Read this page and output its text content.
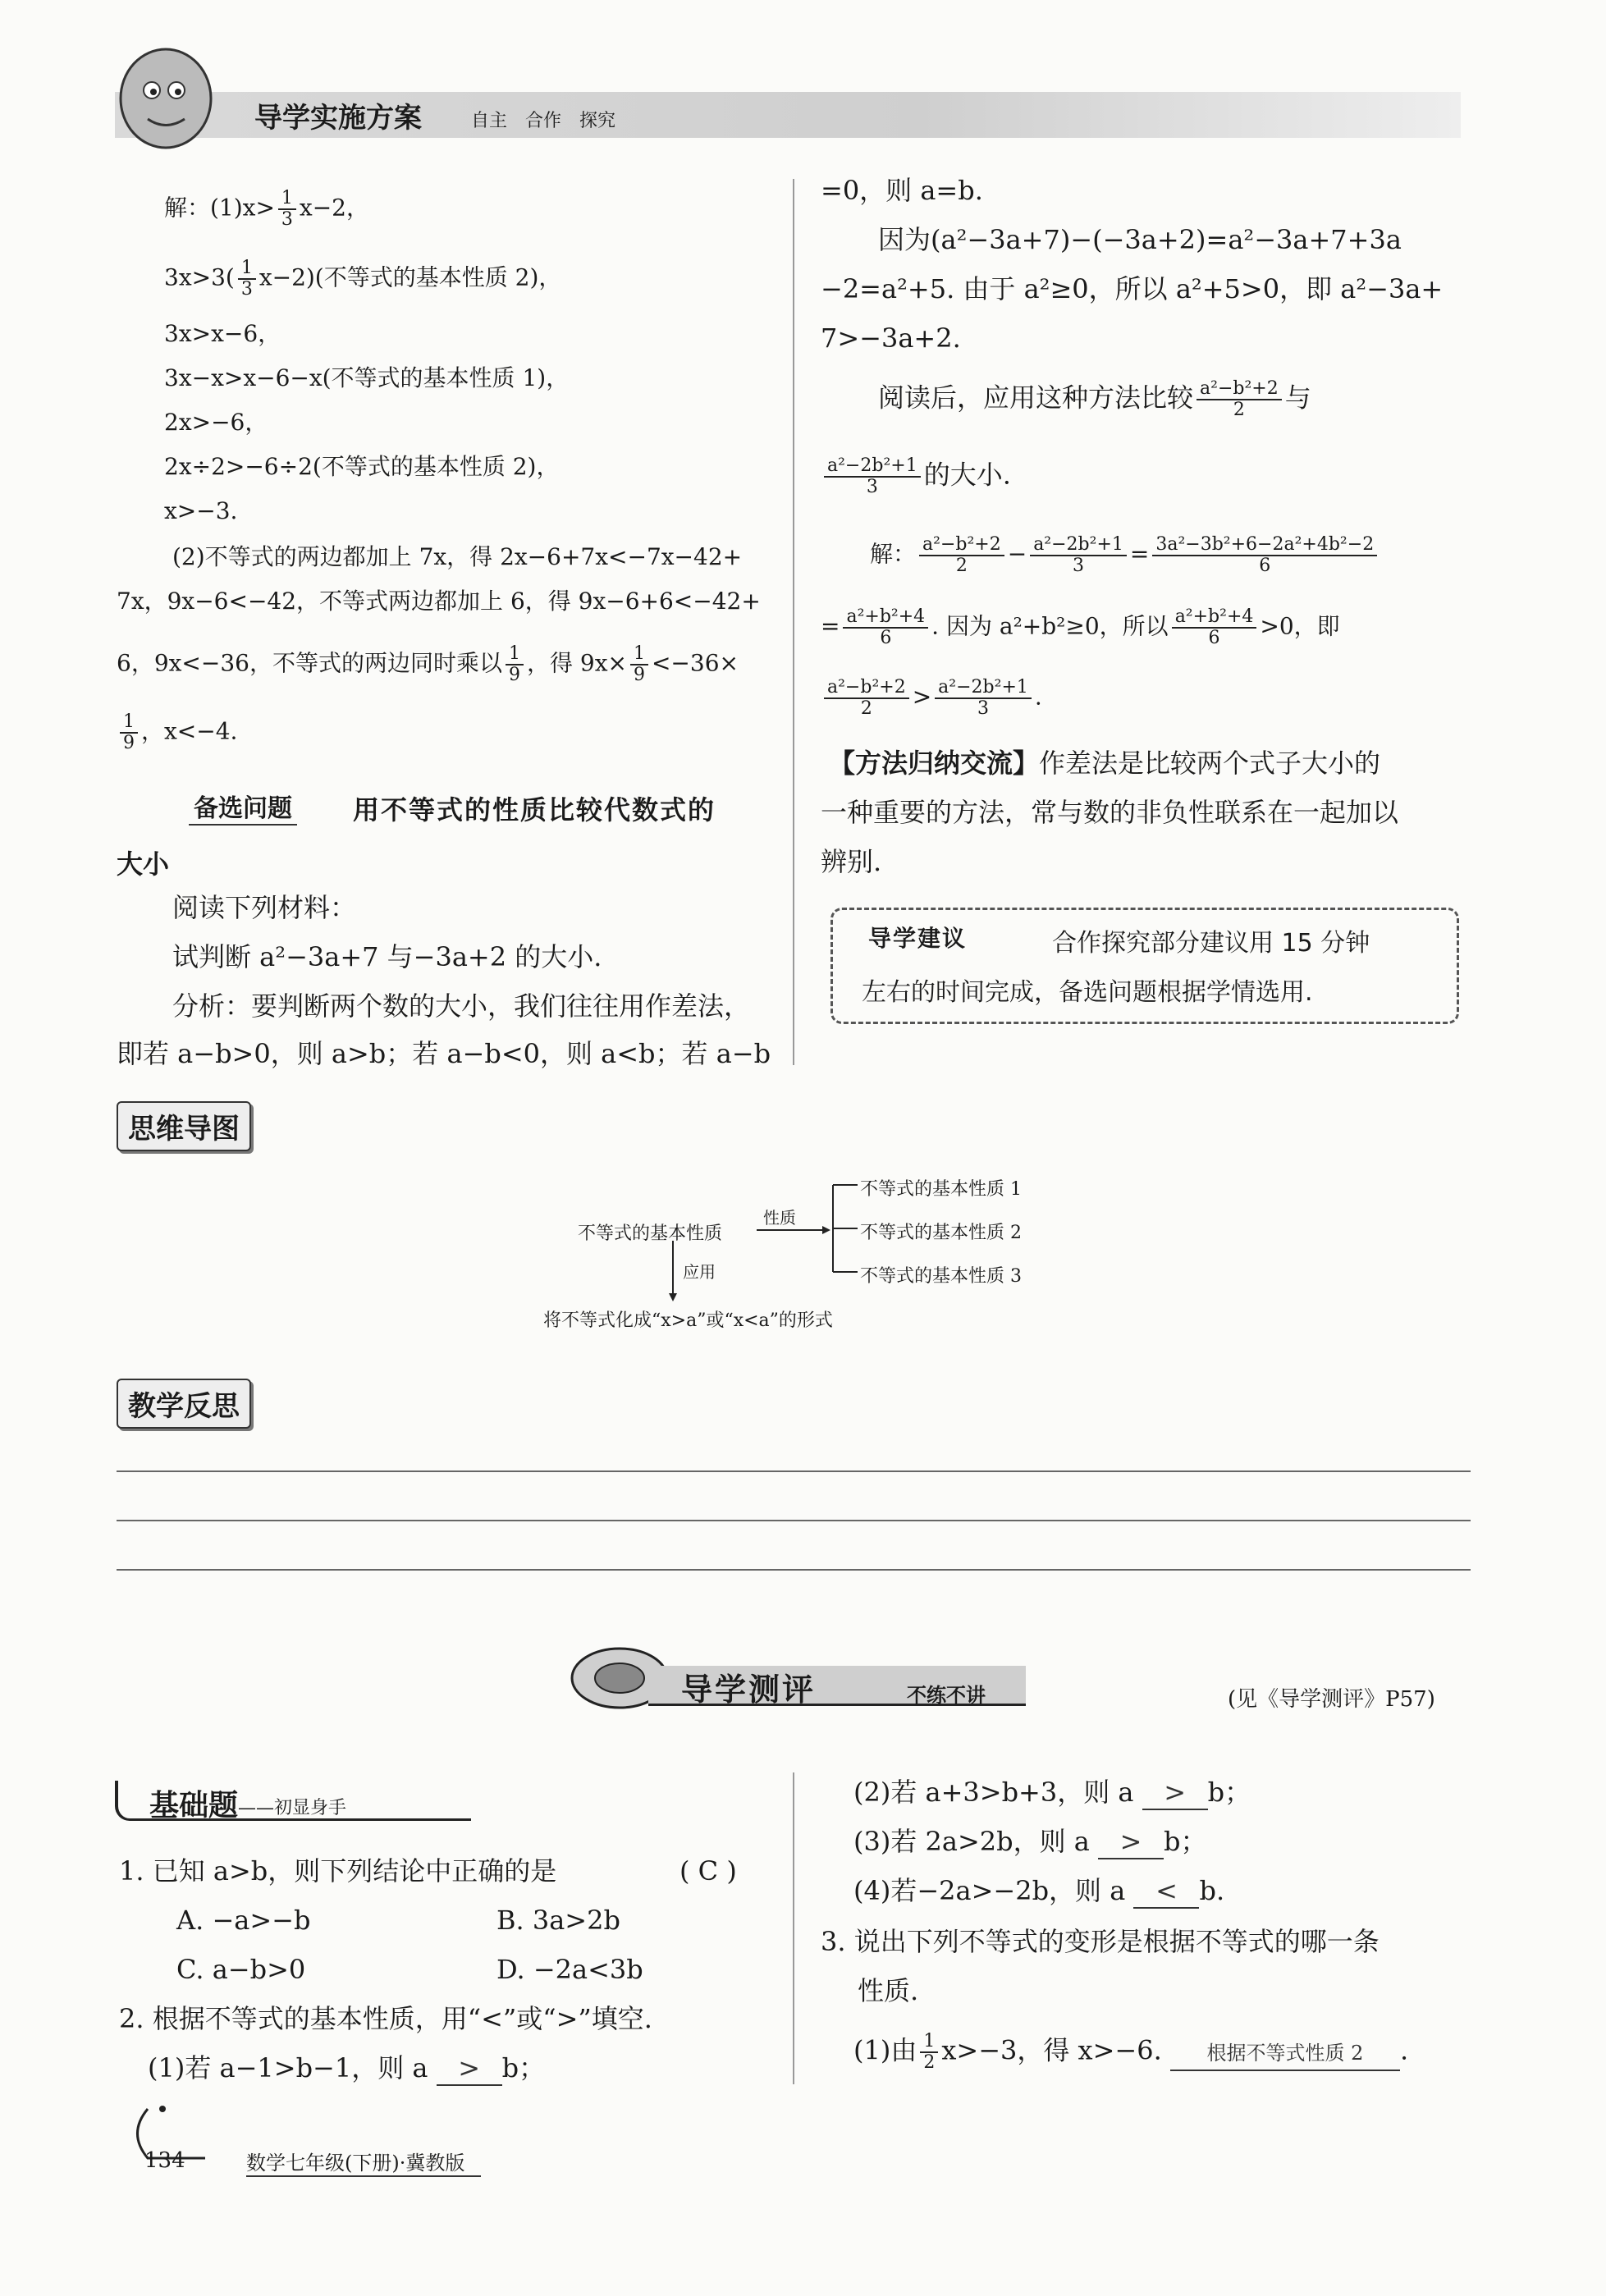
导学实施方案	自主　合作　探究
解：$(1)x> \frac{1}{3} x-2$，
$3x>3( \frac{1}{3} x-2)$(不等式的基本性质 2)，
3x>x−6，
3x−x>x−6−x(不等式的基本性质 1)，
2x>−6，
2x÷2>−6÷2(不等式的基本性质 2)，
x>−3.
(2)不等式的两边都加上 7x，得 2x−6+7x<−7x−42+
7x，9x−6<−42，不等式两边都加上 6，得 9x−6+6<−42+
6，9x<−36，不等式的两边同时乘以 $\frac{1}{9}$ ，得 $9x\times \frac{1}{9} <-36\times$
$\frac{1}{9}$ ，x<−4.
备选问题 用不等式的性质比较代数式的
大小
阅读下列材料：
试判断 a²−3a+7 与−3a+2 的大小.
分析：要判断两个数的大小，我们往往用作差法，
即若 a−b>0，则 a>b；若 a−b<0，则 a<b；若 a−b
=0，则 a=b.
因为(a²−3a+7)−(−3a+2)=a²−3a+7+3a
−2=a²+5. 由于 a²≥0，所以 a²+5>0，即 a²−3a+
7>−3a+2.
阅读后，应用这种方法比较 $\frac{\text{a²−b²+2}}{2}$ 与
$\frac{\text{a²−2b²+1}}{3}$ 的大小.
解： $\frac{\text{a²−b²+2}}{2} - \frac{\text{a²−2b²+1}}{3} = \frac{\text{3a²−3b²+6−2a²+4b²−2}}{6}$
= $\frac{\text{a²+b²+4}}{6}$ . 因为 a²+b²≥0，所以 $\frac{\text{a²+b²+4}}{6} >0$，即
$\frac{\text{a²−b²+2}}{2} > \frac{\text{a²−2b²+1}}{3}$ .
【方法归纳交流】作差法是比较两个式子大小的
一种重要的方法，常与数的非负性联系在一起加以
辨别.
导学建议	合作探究部分建议用 15 分钟
左右的时间完成，备选问题根据学情选用.
思维导图
不等式的基本性质
性质
应用
不等式的基本性质 1
不等式的基本性质 2
不等式的基本性质 3
将不等式化成“x>a”或“x<a”的形式
教学反思
导学测评	不练不讲	(见《导学测评》P57)
基础题 ——初显身手
1. 已知 a>b，则下列结论中正确的是	( C )
A. −a>−b	B. 3a>2b
C. a−b>0	D. −2a<3b
2. 根据不等式的基本性质，用“<”或“>”填空.
(1)若 a−1>b−1，则 a > b；
(2)若 a+3>b+3，则 a > b；
(3)若 2a>2b，则 a > b；
(4)若−2a>−2b，则 a < b.
3. 说出下列不等式的变形是根据不等式的哪一条
性质.
(1)由 $\frac{1}{2} x>-3$，得 x>−6. 根据不等式性质 2 .
134	数学七年级(下册)·冀教版
